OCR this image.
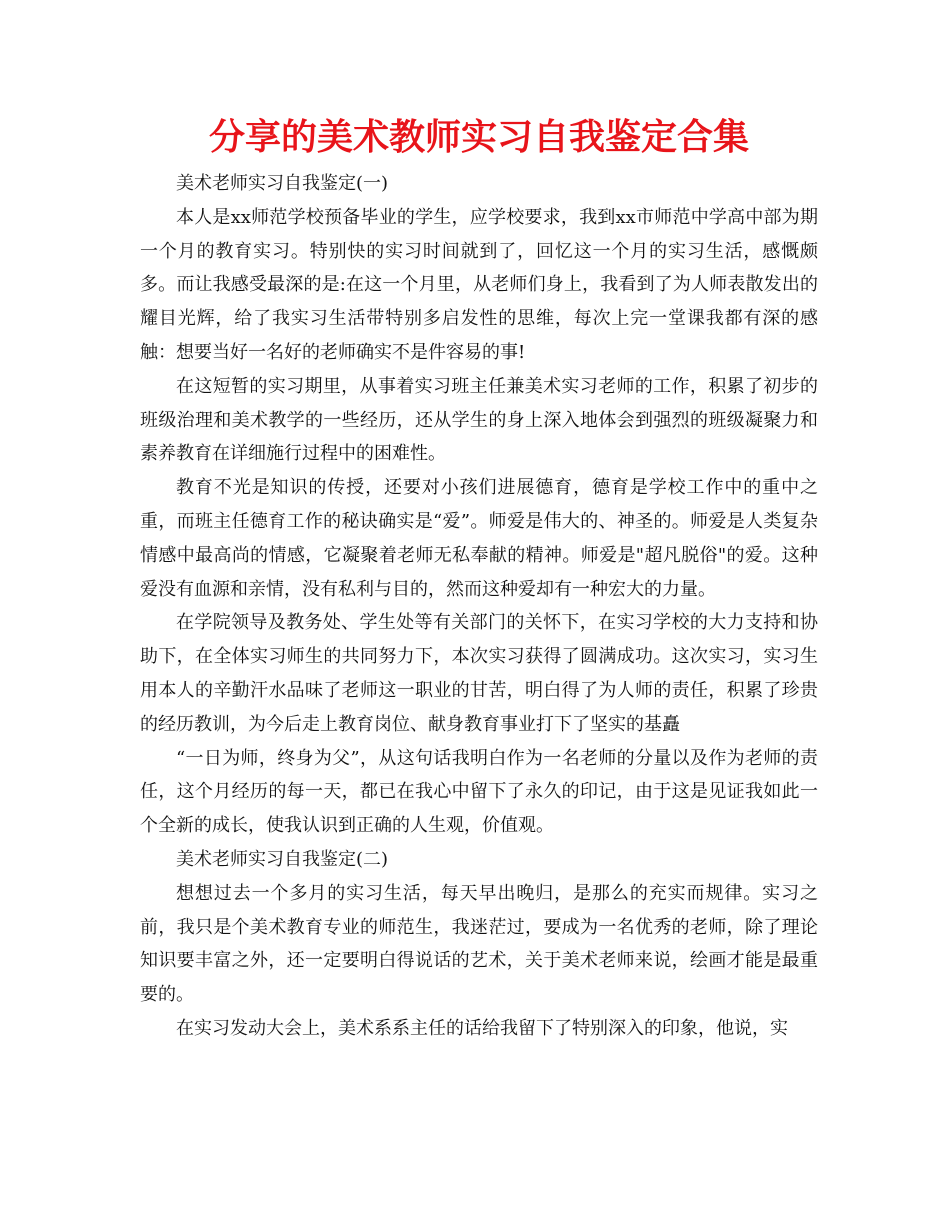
分享的美术教师实习自我鉴定合集

美术老师实习自我鉴定(一)

本人是xx师范学校预备毕业的学生，应学校要求，我到xx市师范中学高中部为期一个月的教育实习。特别快的实习时间就到了，回忆这一个月的实习生活，感慨颇多。而让我感受最深的是:在这一个月里，从老师们身上，我看到了为人师表散发出的耀目光辉，给了我实习生活带特别多启发性的思维，每次上完一堂课我都有深的感触：想要当好一名好的老师确实不是件容易的事!

在这短暂的实习期里，从事着实习班主任兼美术实习老师的工作，积累了初步的班级治理和美术教学的一些经历，还从学生的身上深入地体会到强烈的班级凝聚力和素养教育在详细施行过程中的困难性。

教育不光是知识的传授，还要对小孩们进展德育，德育是学校工作中的重中之重，而班主任德育工作的秘诀确实是“爱”。师爱是伟大的、神圣的。师爱是人类复杂情感中最高尚的情感，它凝聚着老师无私奉献的精神。师爱是"超凡脱俗"的爱。这种爱没有血源和亲情，没有私利与目的，然而这种爱却有一种宏大的力量。

在学院领导及教务处、学生处等有关部门的关怀下，在实习学校的大力支持和协助下，在全体实习师生的共同努力下，本次实习获得了圆满成功。这次实习，实习生用本人的辛勤汗水品味了老师这一职业的甘苦，明白得了为人师的责任，积累了珍贵的经历教训，为今后走上教育岗位、献身教育事业打下了坚实的基矗

“一日为师，终身为父”，从这句话我明白作为一名老师的分量以及作为老师的责任，这个月经历的每一天，都已在我心中留下了永久的印记，由于这是见证我如此一个全新的成长，使我认识到正确的人生观，价值观。

美术老师实习自我鉴定(二)

想想过去一个多月的实习生活，每天早出晚归，是那么的充实而规律。实习之前，我只是个美术教育专业的师范生，我迷茫过，要成为一名优秀的老师，除了理论知识要丰富之外，还一定要明白得说话的艺术，关于美术老师来说，绘画才能是最重要的。

在实习发动大会上，美术系系主任的话给我留下了特别深入的印象，他说，实
